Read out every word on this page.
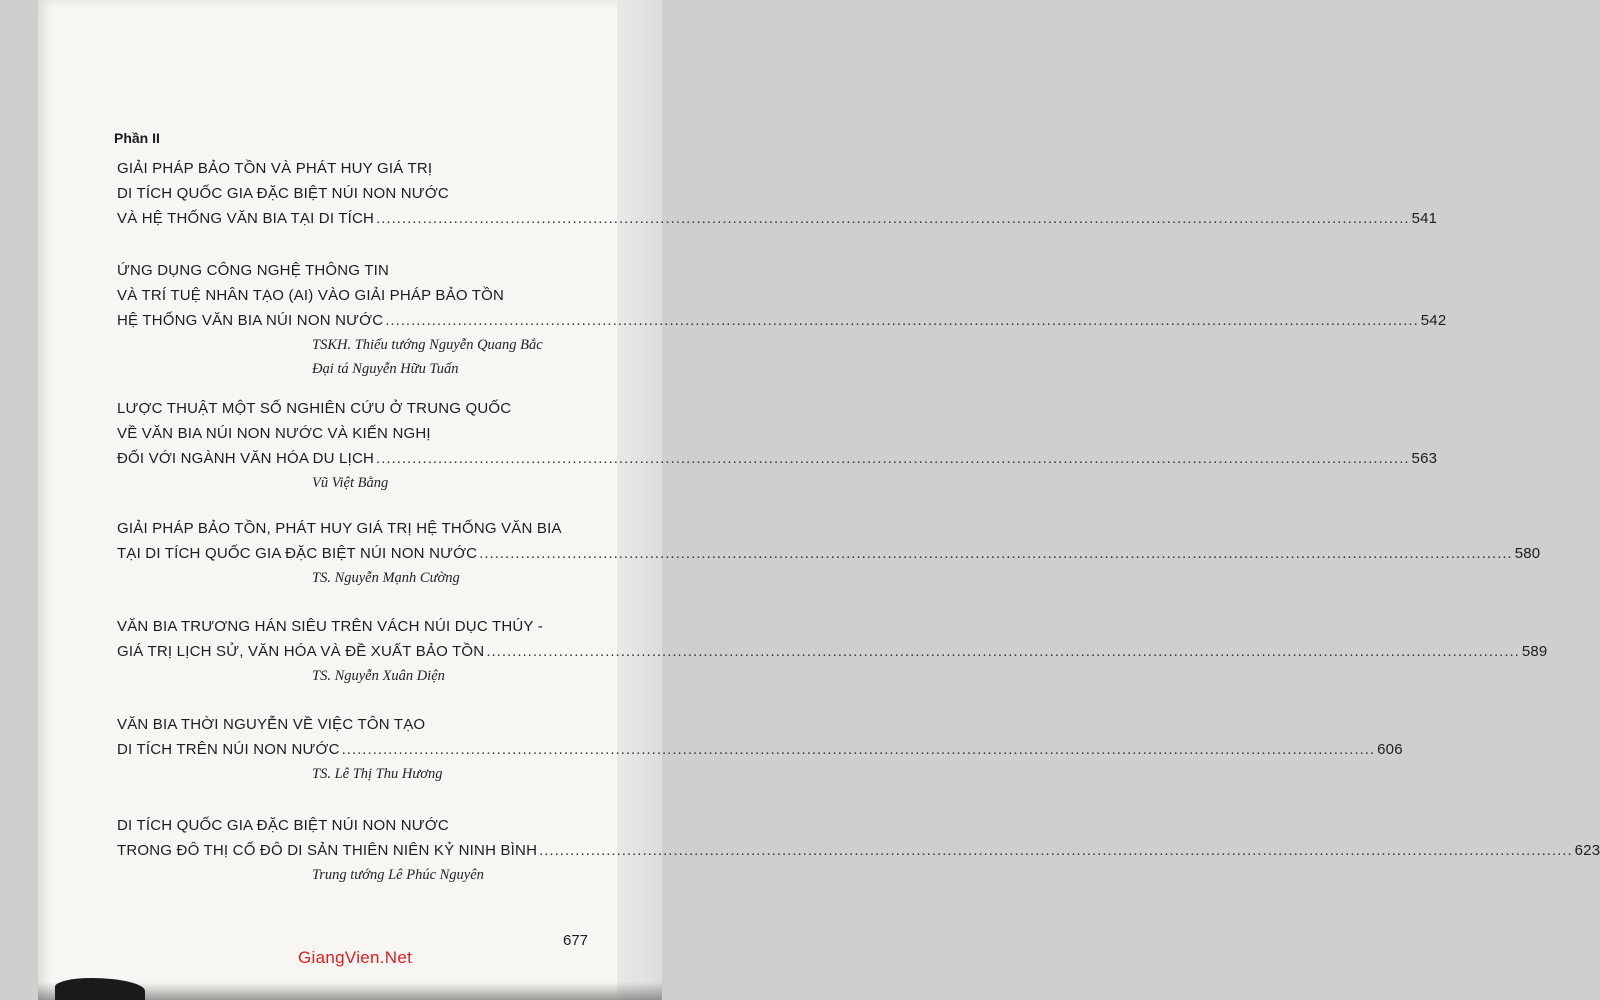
Phần II
GIẢI PHÁP BẢO TỒN VÀ PHÁT HUY GIÁ TRỊ
DI TÍCH QUỐC GIA ĐẶC BIỆT NÚI NON NƯỚC
VÀ HỆ THỐNG VĂN BIA TẠI DI TÍCH ........................................................................................................................................................................................................ 541
ỨNG DỤNG CÔNG NGHỆ THÔNG TIN
VÀ TRÍ TUỆ NHÂN TẠO (AI) VÀO GIẢI PHÁP BẢO TỒN
HỆ THỐNG VĂN BIA NÚI NON NƯỚC ........................................................................................................................................................................................................ 542
TSKH. Thiếu tướng Nguyễn Quang Bắc
Đại tá Nguyễn Hữu Tuấn
LƯỢC THUẬT MỘT SỐ NGHIÊN CỨU Ở TRUNG QUỐC
VỀ VĂN BIA NÚI NON NƯỚC VÀ KIẾN NGHỊ
ĐỐI VỚI NGÀNH VĂN HÓA DU LỊCH ........................................................................................................................................................................................................ 563
Vũ Việt Bằng
GIẢI PHÁP BẢO TỒN, PHÁT HUY GIÁ TRỊ HỆ THỐNG VĂN BIA
TẠI DI TÍCH QUỐC GIA ĐẶC BIỆT NÚI NON NƯỚC ........................................................................................................................................................................................................ 580
TS. Nguyễn Mạnh Cường
VĂN BIA TRƯƠNG HÁN SIÊU TRÊN VÁCH NÚI DỤC THÚY -
GIÁ TRỊ LỊCH SỬ, VĂN HÓA VÀ ĐỀ XUẤT BẢO TỒN ........................................................................................................................................................................................................ 589
TS. Nguyễn Xuân Diện
VĂN BIA THỜI NGUYỄN VỀ VIỆC TÔN TẠO
DI TÍCH TRÊN NÚI NON NƯỚC ........................................................................................................................................................................................................ 606
TS. Lê Thị Thu Hương
DI TÍCH QUỐC GIA ĐẶC BIỆT NÚI NON NƯỚC
TRONG ĐÔ THỊ CỐ ĐÔ DI SẢN THIÊN NIÊN KỶ NINH BÌNH ........................................................................................................................................................................................................ 623
Trung tướng Lê Phúc Nguyên
677
GiangVien.Net
